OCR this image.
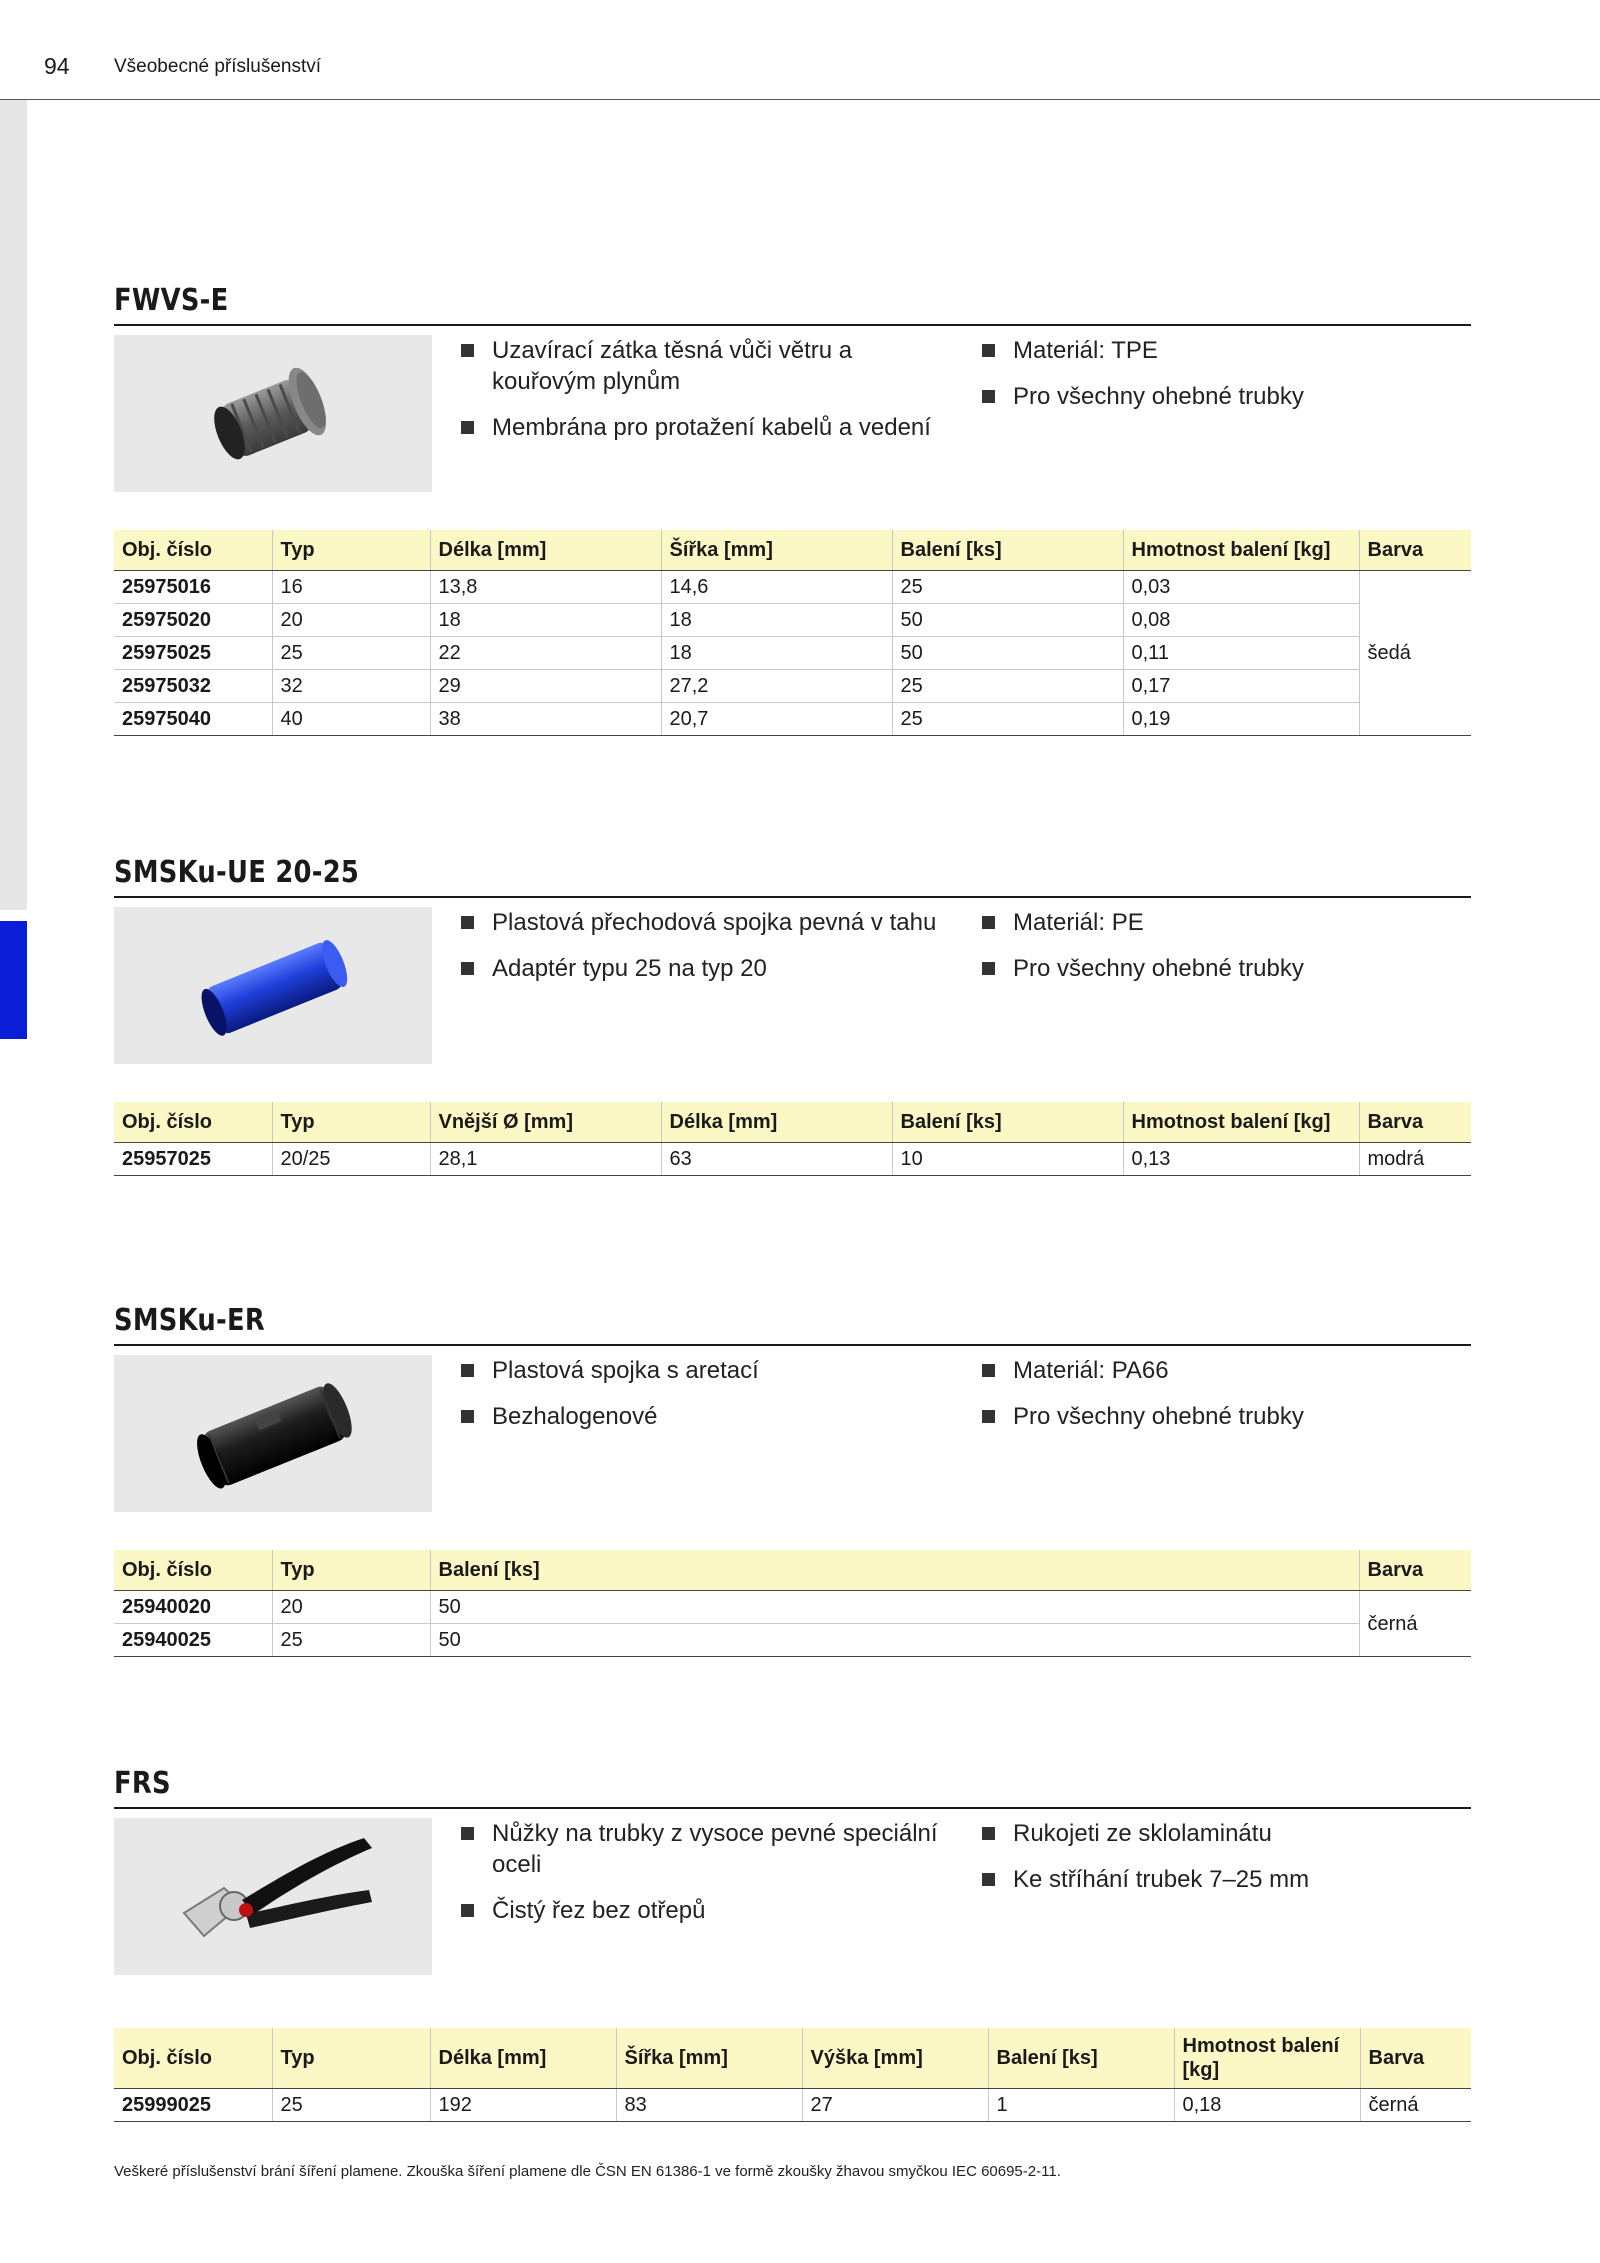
94 Všeobecné příslušenství
FWVS-E
Uzavírací zátka těsná vůči větru a kouřovým plynům
Membrána pro protažení kabelů a vedení
Materiál: TPE
Pro všechny ohebné trubky
Obj. číslo	Typ	Délka [mm]	Šířka [mm]	Balení [ks]	Hmotnost balení [kg]	Barva
25975016	16	13,8	14,6	25	0,03	šedá
25975020	20	18	18	50	0,08	
25975025	25	22	18	50	0,11	
25975032	32	29	27,2	25	0,17	
25975040	40	38	20,7	25	0,19	
SMSKu-UE 20-25
Plastová přechodová spojka pevná v tahu
Adaptér typu 25 na typ 20
Materiál: PE
Pro všechny ohebné trubky
Obj. číslo	Typ	Vnější Ø [mm]	Délka [mm]	Balení [ks]	Hmotnost balení [kg]	Barva
25957025	20/25	28,1	63	10	0,13	modrá
SMSKu-ER
Plastová spojka s aretací
Bezhalogenové
Materiál: PA66
Pro všechny ohebné trubky
Obj. číslo	Typ	Balení [ks]	Barva
25940020	20	50	černá
25940025	25	50	
FRS
Nůžky na trubky z vysoce pevné speciální oceli
Čistý řez bez otřepů
Rukojeti ze sklolaminátu
Ke stříhání trubek 7–25 mm
Obj. číslo	Typ	Délka [mm]	Šířka [mm]	Výška [mm]	Balení [ks]	Hmotnost balení [kg]	Barva
25999025	25	192	83	27	1	0,18	černá
Veškeré příslušenství brání šíření plamene. Zkouška šíření plamene dle ČSN EN 61386-1 ve formě zkoušky žhavou smyčkou IEC 60695-2-11.
